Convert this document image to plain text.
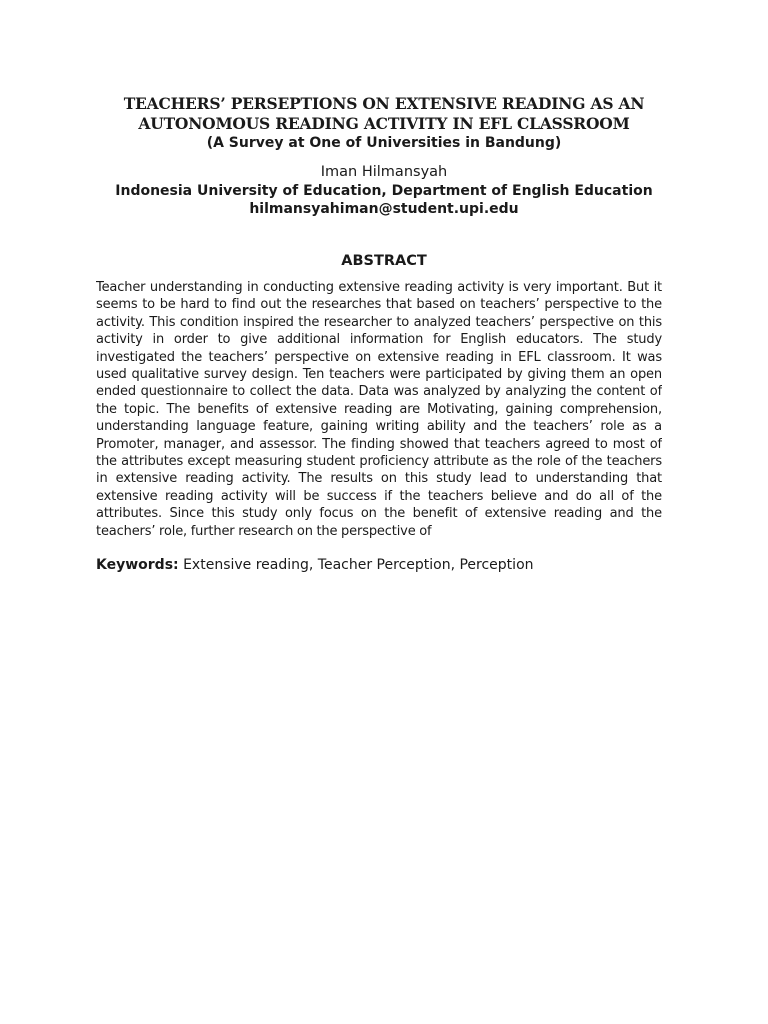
TEACHERS’ PERSEPTIONS ON EXTENSIVE READING AS AN
AUTONOMOUS READING ACTIVITY IN EFL CLASSROOM

(A Survey at One of Universities in Bandung)

Iman Hilmansyah

Indonesia University of Education, Department of English Education

hilmansyahiman@student.upi.edu

ABSTRACT

Teacher understanding in conducting extensive reading activity is very important. But it seems to be hard to find out the researches that based on teachers’ perspective to the activity. This condition inspired the researcher to analyzed teachers’ perspective on this activity in order to give additional information for English educators. The study investigated the teachers’ perspective on extensive reading in EFL classroom. It was used qualitative survey design. Ten teachers were participated by giving them an open ended questionnaire to collect the data. Data was analyzed by analyzing the content of the topic. The benefits of extensive reading are Motivating, gaining comprehension, understanding language feature, gaining writing ability and the teachers’ role as a Promoter, manager, and assessor. The finding showed that teachers agreed to most of the attributes except measuring student proficiency attribute as the role of the teachers in extensive reading activity. The results on this study lead to understanding that extensive reading activity will be success if the teachers believe and do all of the attributes. Since this study only focus on the benefit of extensive reading and the teachers’ role, further research on the perspective of

Keywords: Extensive reading, Teacher Perception, Perception
